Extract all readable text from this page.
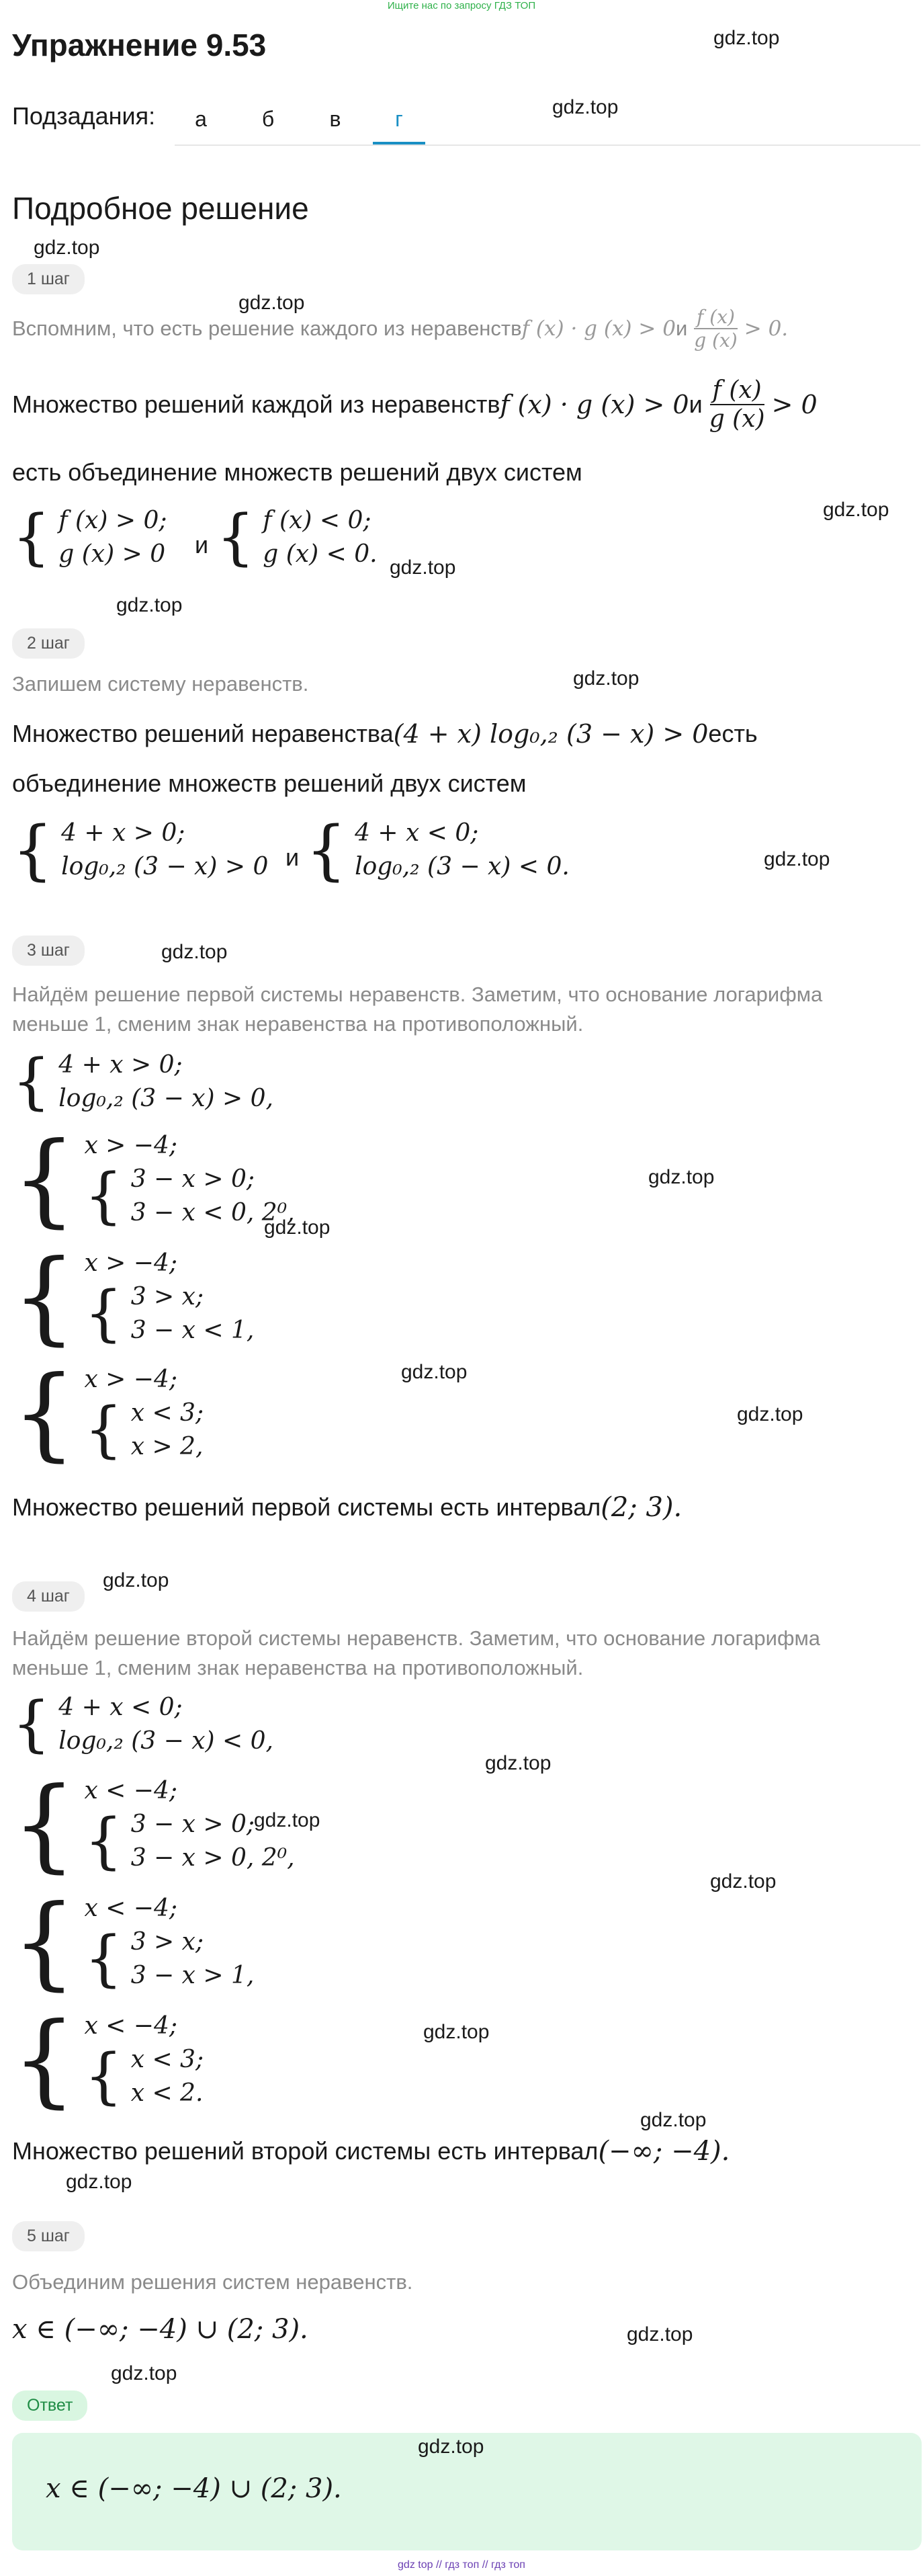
Ищите нас по запросу ГДЗ ТОП
Упражнение 9.53	gdz.top
Подзадания:	а	б	в	г	gdz.top
Подробное решение
gdz.top
1 шаг
gdz.top
Вспомним, что есть решение каждого из неравенств f (x) · g (x) > 0 и $\frac{f (x)}{g (x)} > 0$.
Множество решений каждой из неравенств f (x) · g (x) > 0 и $\frac{f (x)}{g (x)} > 0$
есть объединение множеств решений двух систем
gdz.top
{ f (x) > 0;
g (x) > 0 и { f (x) < 0;
g (x) < 0. gdz.top
gdz.top
2 шаг
gdz.top
Запишем систему неравенств.
Множество решений неравенства (4 + x) log₀,₂ (3 − x) > 0 есть
объединение множеств решений двух систем
{ 4 + x > 0;
log₀,₂ (3 − x) > 0 и { 4 + x < 0;
log₀,₂ (3 − x) < 0.	gdz.top
3 шаг	gdz.top
Найдём решение первой системы неравенств. Заметим, что основание логарифма
меньше 1, сменим знак неравенства на противоположный.
{ 4 + x > 0;
log₀,₂ (3 − x) > 0,
{ x > −4;
{ 3 − x > 0;
3 − x < 0, 2⁰,
gdz.top
gdz.top
{ x > −4;
{ 3 > x;
3 − x < 1,
gdz.top
{ x > −4;
{ x < 3;
x > 2,
gdz.top
Множество решений первой системы есть интервал (2; 3).
gdz.top
4 шаг
Найдём решение второй системы неравенств. Заметим, что основание логарифма
меньше 1, сменим знак неравенства на противоположный.
{ 4 + x < 0;
log₀,₂ (3 − x) < 0,
gdz.top
{ x < −4;
{ 3 − x > 0;
3 − x > 0, 2⁰,
gdz.top
gdz.top
{ x < −4;
{ 3 > x;
3 − x > 1,
{ x < −4;
{ x < 3;
x < 2.
gdz.top
gdz.top
Множество решений второй системы есть интервал (−∞; −4).
gdz.top
5 шаг
Объединим решения систем неравенств.
x ∈ (−∞; −4) ∪ (2; 3).	gdz.top
gdz.top
Ответ
gdz.top
x ∈ (−∞; −4) ∪ (2; 3).
gdz top // гдз топ // гдз топ
